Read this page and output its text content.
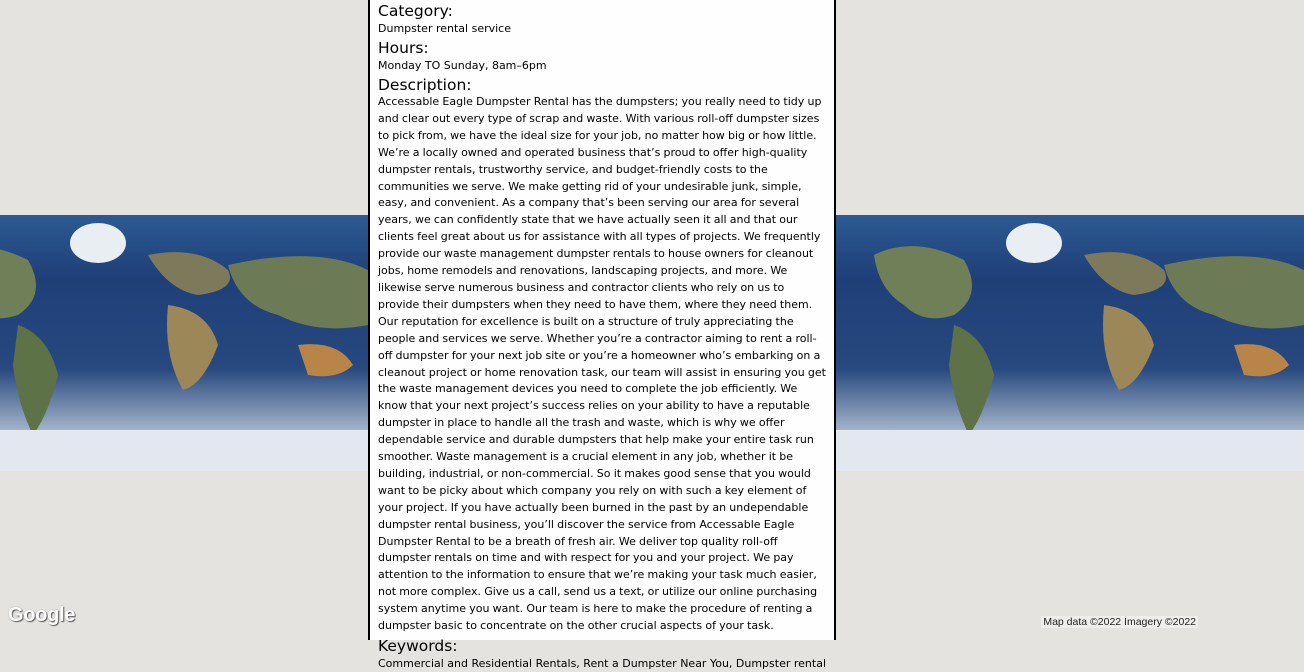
Google	Map data ©2022 Imagery ©2022
Category:

Dumpster rental service

Hours:

Monday TO Sunday, 8am–6pm

Description:

Accessable Eagle Dumpster Rental has the dumpsters; you really need to tidy up and clear out every type of scrap and waste. With various roll-off dumpster sizes to pick from, we have the ideal size for your job, no matter how big or how little. We’re a locally owned and operated business that’s proud to offer high-quality dumpster rentals, trustworthy service, and budget-friendly costs to the communities we serve. We make getting rid of your undesirable junk, simple, easy, and convenient. As a company that’s been serving our area for several years, we can confidently state that we have actually seen it all and that our clients feel great about us for assistance with all types of projects. We frequently provide our waste management dumpster rentals to house owners for cleanout jobs, home remodels and renovations, landscaping projects, and more. We likewise serve numerous business and contractor clients who rely on us to provide their dumpsters when they need to have them, where they need them. Our reputation for excellence is built on a structure of truly appreciating the people and services we serve. Whether you’re a contractor aiming to rent a roll-off dumpster for your next job site or you’re a homeowner who’s embarking on a cleanout project or home renovation task, our team will assist in ensuring you get the waste management devices you need to complete the job efficiently. We know that your next project’s success relies on your ability to have a reputable dumpster in place to handle all the trash and waste, which is why we offer dependable service and durable dumpsters that help make your entire task run smoother. Waste management is a crucial element in any job, whether it be building, industrial, or non-commercial. So it makes good sense that you would want to be picky about which company you rely on with such a key element of your project. If you have actually been burned in the past by an undependable dumpster rental business, you’ll discover the service from Accessable Eagle Dumpster Rental to be a breath of fresh air. We deliver top quality roll-off dumpster rentals on time and with respect for you and your project. We pay attention to the information to ensure that we’re making your task much easier, not more complex. Give us a call, send us a text, or utilize our online purchasing system anytime you want. Our team is here to make the procedure of renting a dumpster basic to concentrate on the other crucial aspects of your task.

Keywords:

Commercial and Residential Rentals, Rent a Dumpster Near You, Dumpster rental
